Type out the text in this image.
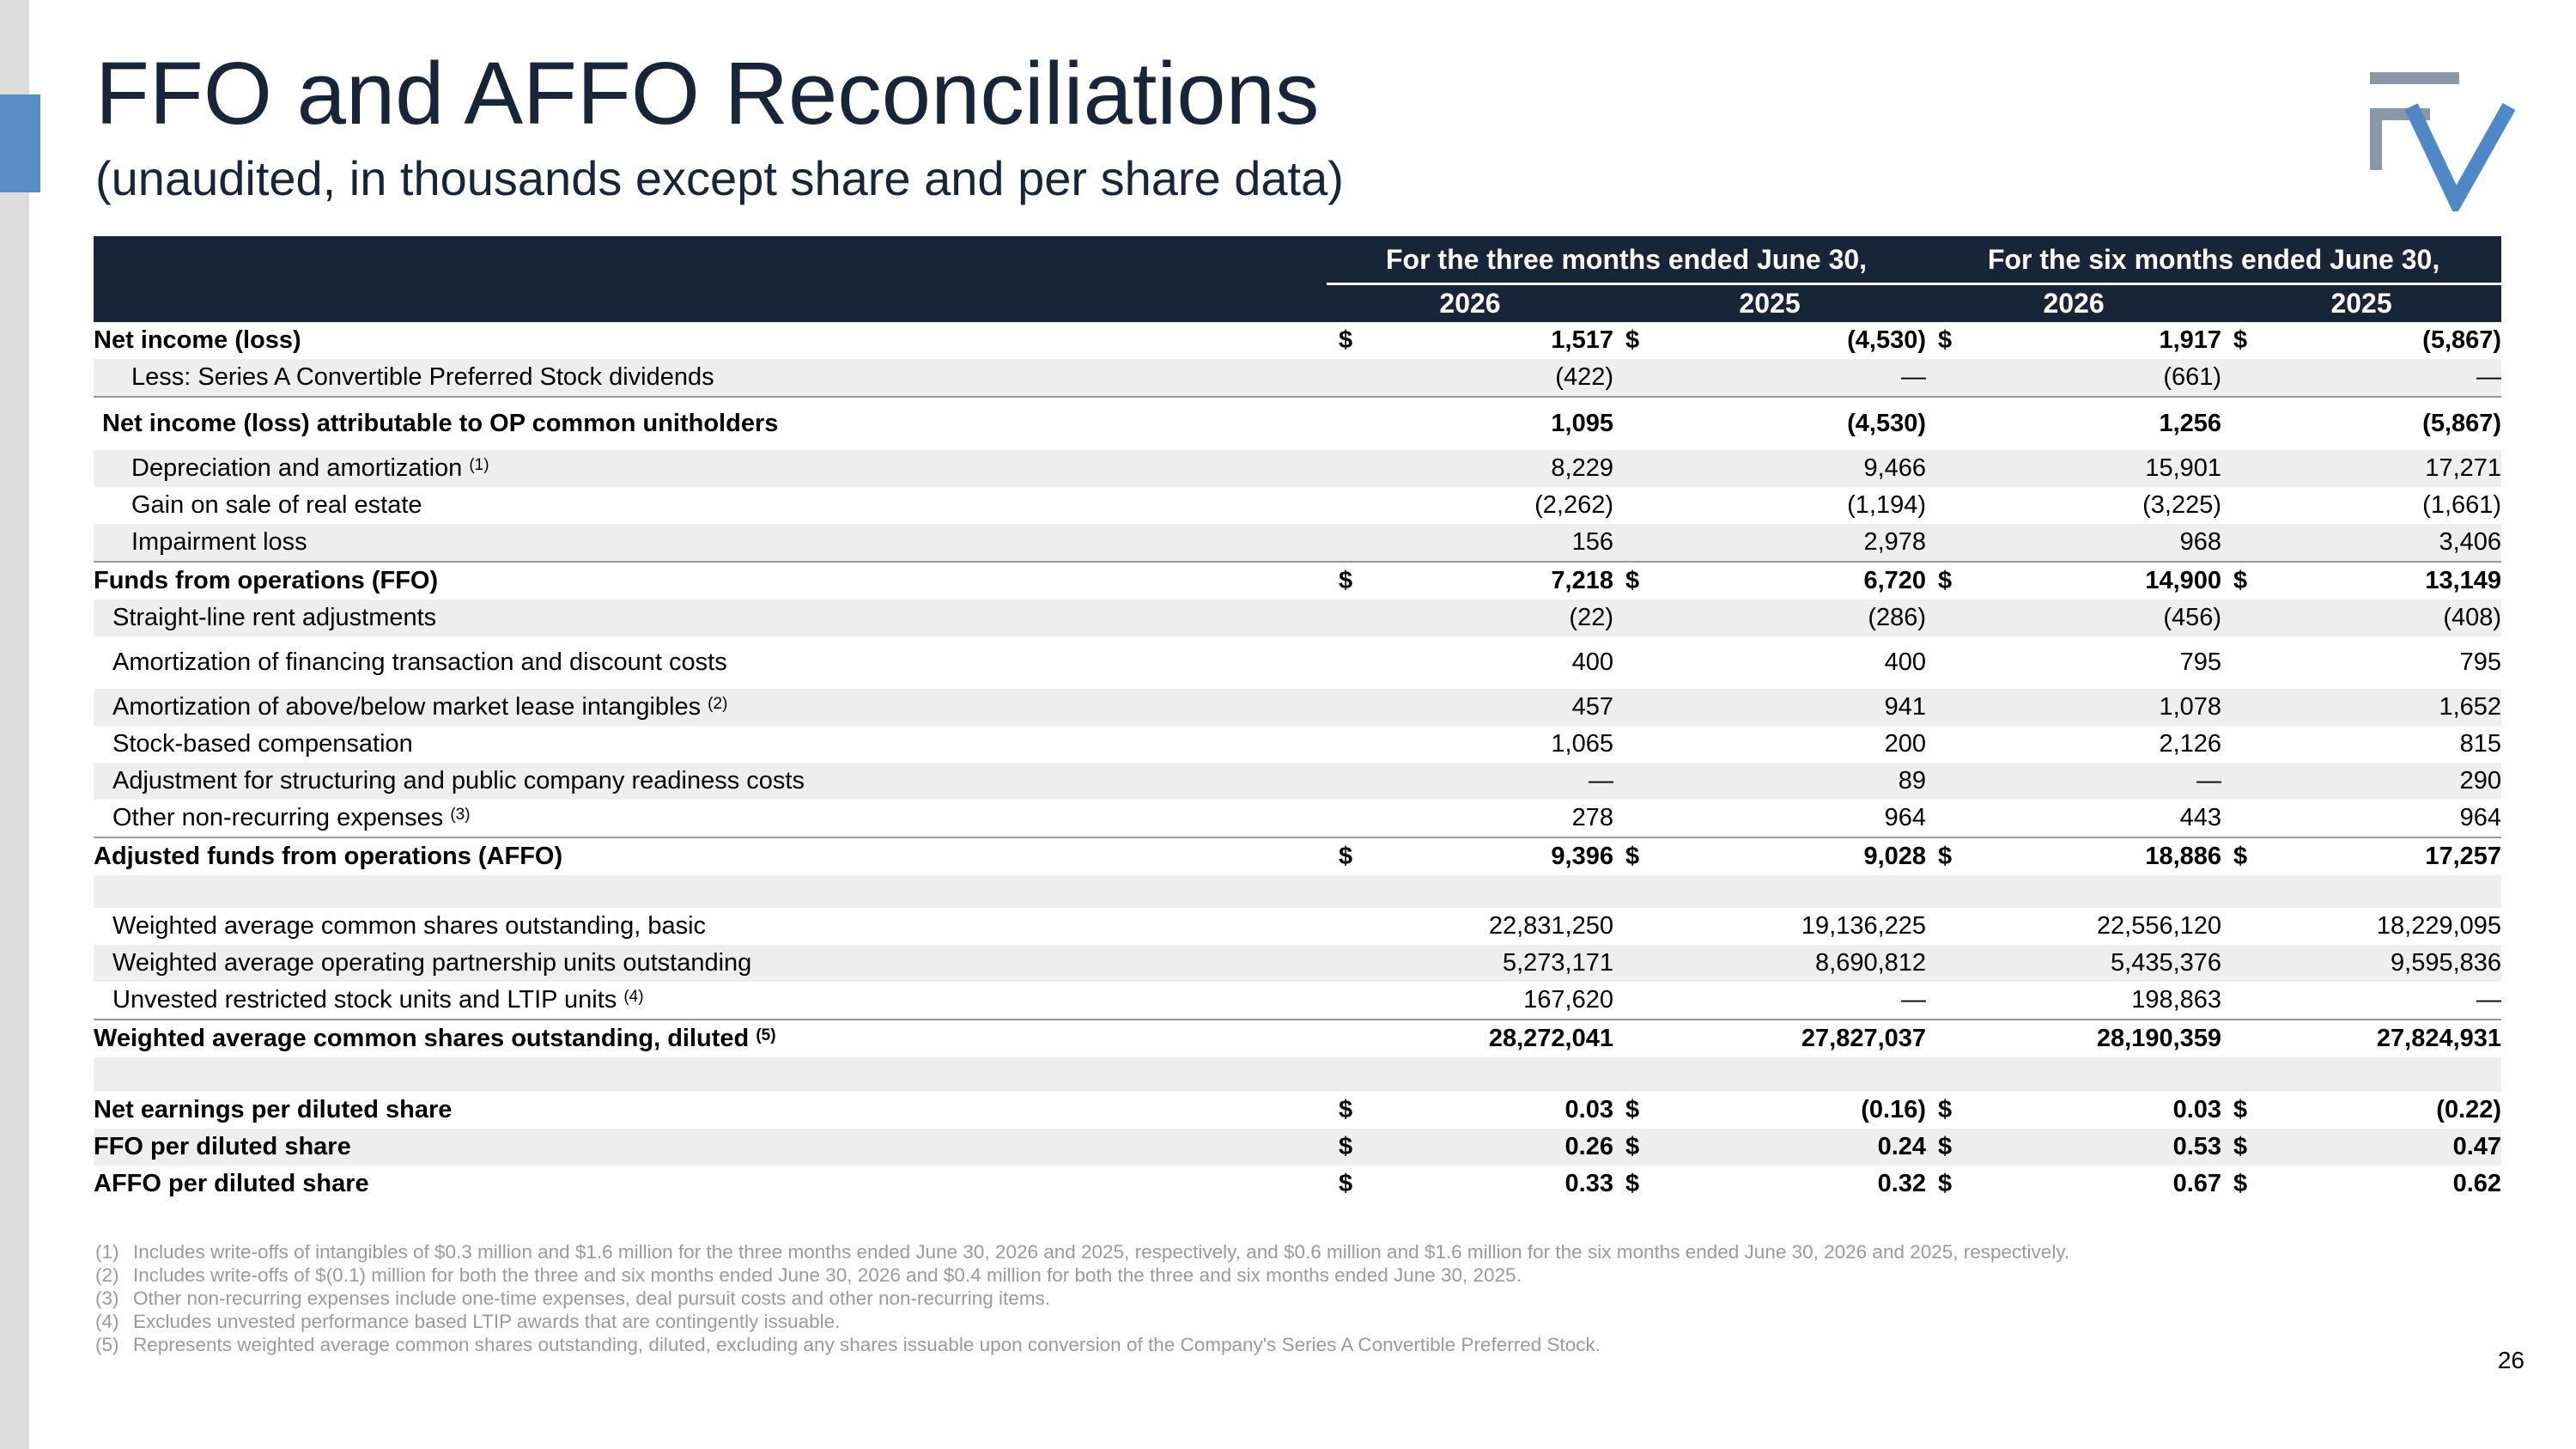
FFO and AFFO Reconciliations
(unaudited, in thousands except share and per share data)
	For the three months ended June 30,				For the six months ended June 30,			
	2026		2025		2026		2025	
Net income (loss)	$	1,517	$	(4,530)	$	1,917	$	(5,867)
Less: Series A Convertible Preferred Stock dividends		(422)		—		(661)		—
Net income (loss) attributable to OP common unitholders		1,095		(4,530)		1,256		(5,867)
Depreciation and amortization $^{(1)}$		8,229		9,466		15,901		17,271
Gain on sale of real estate		(2,262)		(1,194)		(3,225)		(1,661)
Impairment loss		156		2,978		968		3,406
Funds from operations (FFO)	$	7,218	$	6,720	$	14,900	$	13,149
Straight-line rent adjustments		(22)		(286)		(456)		(408)
Amortization of financing transaction and discount costs		400		400		795		795
Amortization of above/below market lease intangibles $^{(2)}$		457		941		1,078		1,652
Stock-based compensation		1,065		200		2,126		815
Adjustment for structuring and public company readiness costs		—		89		—		290
Other non-recurring expenses $^{(3)}$		278		964		443		964
Adjusted funds from operations (AFFO)	$	9,396	$	9,028	$	18,886	$	17,257

Weighted average common shares outstanding, basic		22,831,250		19,136,225		22,556,120		18,229,095
Weighted average operating partnership units outstanding		5,273,171		8,690,812		5,435,376		9,595,836
Unvested restricted stock units and LTIP units $^{(4)}$		167,620		—		198,863		—
Weighted average common shares outstanding, diluted $^{(5)}$		28,272,041		27,827,037		28,190,359		27,824,931

Net earnings per diluted share	$	0.03	$	(0.16)	$	0.03	$	(0.22)
FFO per diluted share	$	0.26	$	0.24	$	0.53	$	0.47
AFFO per diluted share	$	0.33	$	0.32	$	0.67	$	0.62
(1) Includes write-offs of intangibles of $0.3 million and $1.6 million for the three months ended June 30, 2026 and 2025, respectively, and $0.6 million and $1.6 million for the six months ended June 30, 2026 and 2025, respectively.
(2) Includes write-offs of $(0.1) million for both the three and six months ended June 30, 2026 and $0.4 million for both the three and six months ended June 30, 2025.
(3) Other non-recurring expenses include one-time expenses, deal pursuit costs and other non-recurring items.
(4) Excludes unvested performance based LTIP awards that are contingently issuable.
(5) Represents weighted average common shares outstanding, diluted, excluding any shares issuable upon conversion of the Company's Series A Convertible Preferred Stock.
26
